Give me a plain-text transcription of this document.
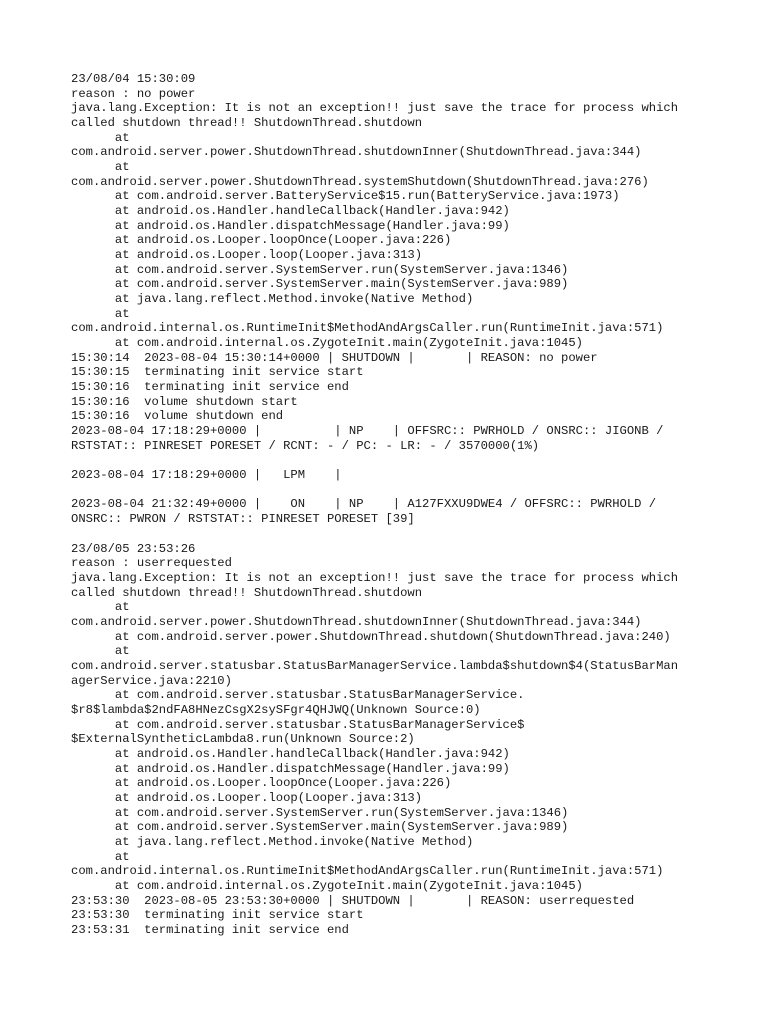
23/08/04 15:30:09
reason : no power
java.lang.Exception: It is not an exception!! just save the trace for process which
called shutdown thread!! ShutdownThread.shutdown
at
com.android.server.power.ShutdownThread.shutdownInner(ShutdownThread.java:344)
at
com.android.server.power.ShutdownThread.systemShutdown(ShutdownThread.java:276)
at com.android.server.BatteryService$15.run(BatteryService.java:1973)
at android.os.Handler.handleCallback(Handler.java:942)
at android.os.Handler.dispatchMessage(Handler.java:99)
at android.os.Looper.loopOnce(Looper.java:226)
at android.os.Looper.loop(Looper.java:313)
at com.android.server.SystemServer.run(SystemServer.java:1346)
at com.android.server.SystemServer.main(SystemServer.java:989)
at java.lang.reflect.Method.invoke(Native Method)
at
com.android.internal.os.RuntimeInit$MethodAndArgsCaller.run(RuntimeInit.java:571)
at com.android.internal.os.ZygoteInit.main(ZygoteInit.java:1045)
15:30:14  2023-08-04 15:30:14+0000 | SHUTDOWN |       | REASON: no power
15:30:15  terminating init service start
15:30:16  terminating init service end
15:30:16  volume shutdown start
15:30:16  volume shutdown end
2023-08-04 17:18:29+0000 |          | NP    | OFFSRC:: PWRHOLD / ONSRC:: JIGONB /
RSTSTAT:: PINRESET PORESET / RCNT: - / PC: - LR: - / 3570000(1%)
2023-08-04 17:18:29+0000 |   LPM    |
2023-08-04 21:32:49+0000 |    ON    | NP    | A127FXXU9DWE4 / OFFSRC:: PWRHOLD /
ONSRC:: PWRON / RSTSTAT:: PINRESET PORESET [39]
23/08/05 23:53:26
reason : userrequested
java.lang.Exception: It is not an exception!! just save the trace for process which
called shutdown thread!! ShutdownThread.shutdown
at
com.android.server.power.ShutdownThread.shutdownInner(ShutdownThread.java:344)
at com.android.server.power.ShutdownThread.shutdown(ShutdownThread.java:240)
at
com.android.server.statusbar.StatusBarManagerService.lambda$shutdown$4(StatusBarMan
agerService.java:2210)
at com.android.server.statusbar.StatusBarManagerService.
$r8$lambda$2ndFA8HNezCsgX2sySFgr4QHJWQ(Unknown Source:0)
at com.android.server.statusbar.StatusBarManagerService$
$ExternalSyntheticLambda8.run(Unknown Source:2)
at android.os.Handler.handleCallback(Handler.java:942)
at android.os.Handler.dispatchMessage(Handler.java:99)
at android.os.Looper.loopOnce(Looper.java:226)
at android.os.Looper.loop(Looper.java:313)
at com.android.server.SystemServer.run(SystemServer.java:1346)
at com.android.server.SystemServer.main(SystemServer.java:989)
at java.lang.reflect.Method.invoke(Native Method)
at
com.android.internal.os.RuntimeInit$MethodAndArgsCaller.run(RuntimeInit.java:571)
at com.android.internal.os.ZygoteInit.main(ZygoteInit.java:1045)
23:53:30  2023-08-05 23:53:30+0000 | SHUTDOWN |       | REASON: userrequested
23:53:30  terminating init service start
23:53:31  terminating init service end
